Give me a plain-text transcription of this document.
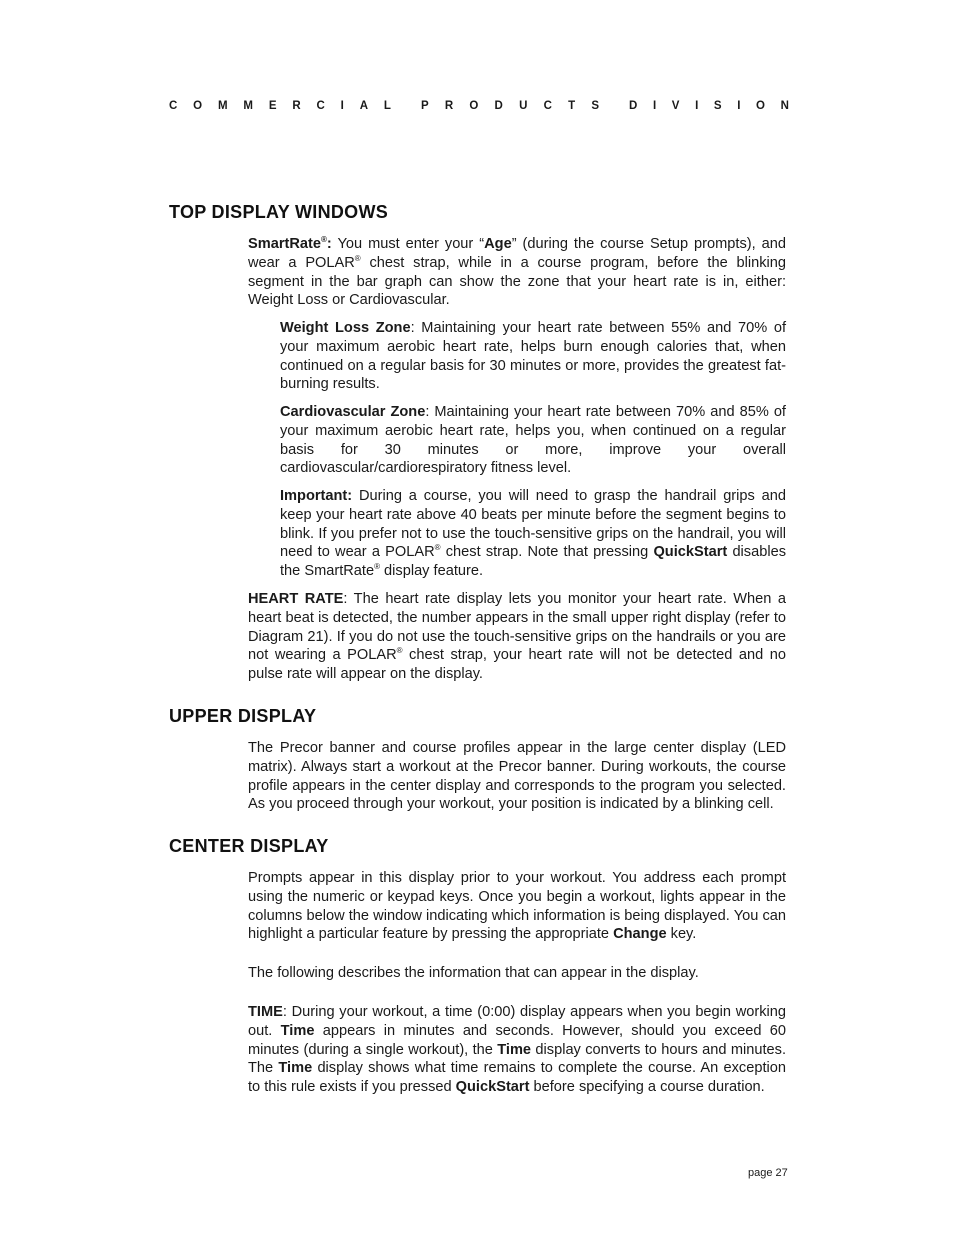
C O M M E R C I A L	P R O D U C T S	D I V I S I O N
TOP DISPLAY WINDOWS

SmartRate®: You must enter your “Age” (during the course Setup prompts), and wear a POLAR® chest strap, while in a course program, before the blinking segment in the bar graph can show the zone that your heart rate is in, either: Weight Loss or Cardiovascular.

Weight Loss Zone: Maintaining your heart rate between 55% and 70% of your maximum aerobic heart rate, helps burn enough calories that, when continued on a regular basis for 30 minutes or more, provides the greatest fat-burning results.

Cardiovascular Zone: Maintaining your heart rate between 70% and 85% of your maximum aerobic heart rate, helps you, when continued on a regular basis for 30 minutes or more, improve your overall cardiovascular/cardiorespiratory fitness level.

Important: During a course, you will need to grasp the handrail grips and keep your heart rate above 40 beats per minute before the segment begins to blink. If you prefer not to use the touch-sensitive grips on the handrail, you will need to wear a POLAR® chest strap. Note that pressing QuickStart disables the SmartRate® display feature.

HEART RATE: The heart rate display lets you monitor your heart rate. When a heart beat is detected, the number appears in the small upper right display (refer to Diagram 21). If you do not use the touch-sensitive grips on the handrails or you are not wearing a POLAR® chest strap, your heart rate will not be detected and no pulse rate will appear on the display.

UPPER DISPLAY

The Precor banner and course profiles appear in the large center display (LED matrix). Always start a workout at the Precor banner. During workouts, the course profile appears in the center display and corresponds to the program you selected. As you proceed through your workout, your position is indicated by a blinking cell.

CENTER DISPLAY

Prompts appear in this display prior to your workout. You address each prompt using the numeric or keypad keys. Once you begin a workout, lights appear in the columns below the window indicating which information is being displayed. You can highlight a particular feature by pressing the appropriate Change key.

The following describes the information that can appear in the display.

TIME: During your workout, a time (0:00) display appears when you begin working out. Time appears in minutes and seconds. However, should you exceed 60 minutes (during a single workout), the Time display converts to hours and minutes. The Time display shows what time remains to complete the course. An exception to this rule exists if you pressed QuickStart before specifying a course duration.

page 27
